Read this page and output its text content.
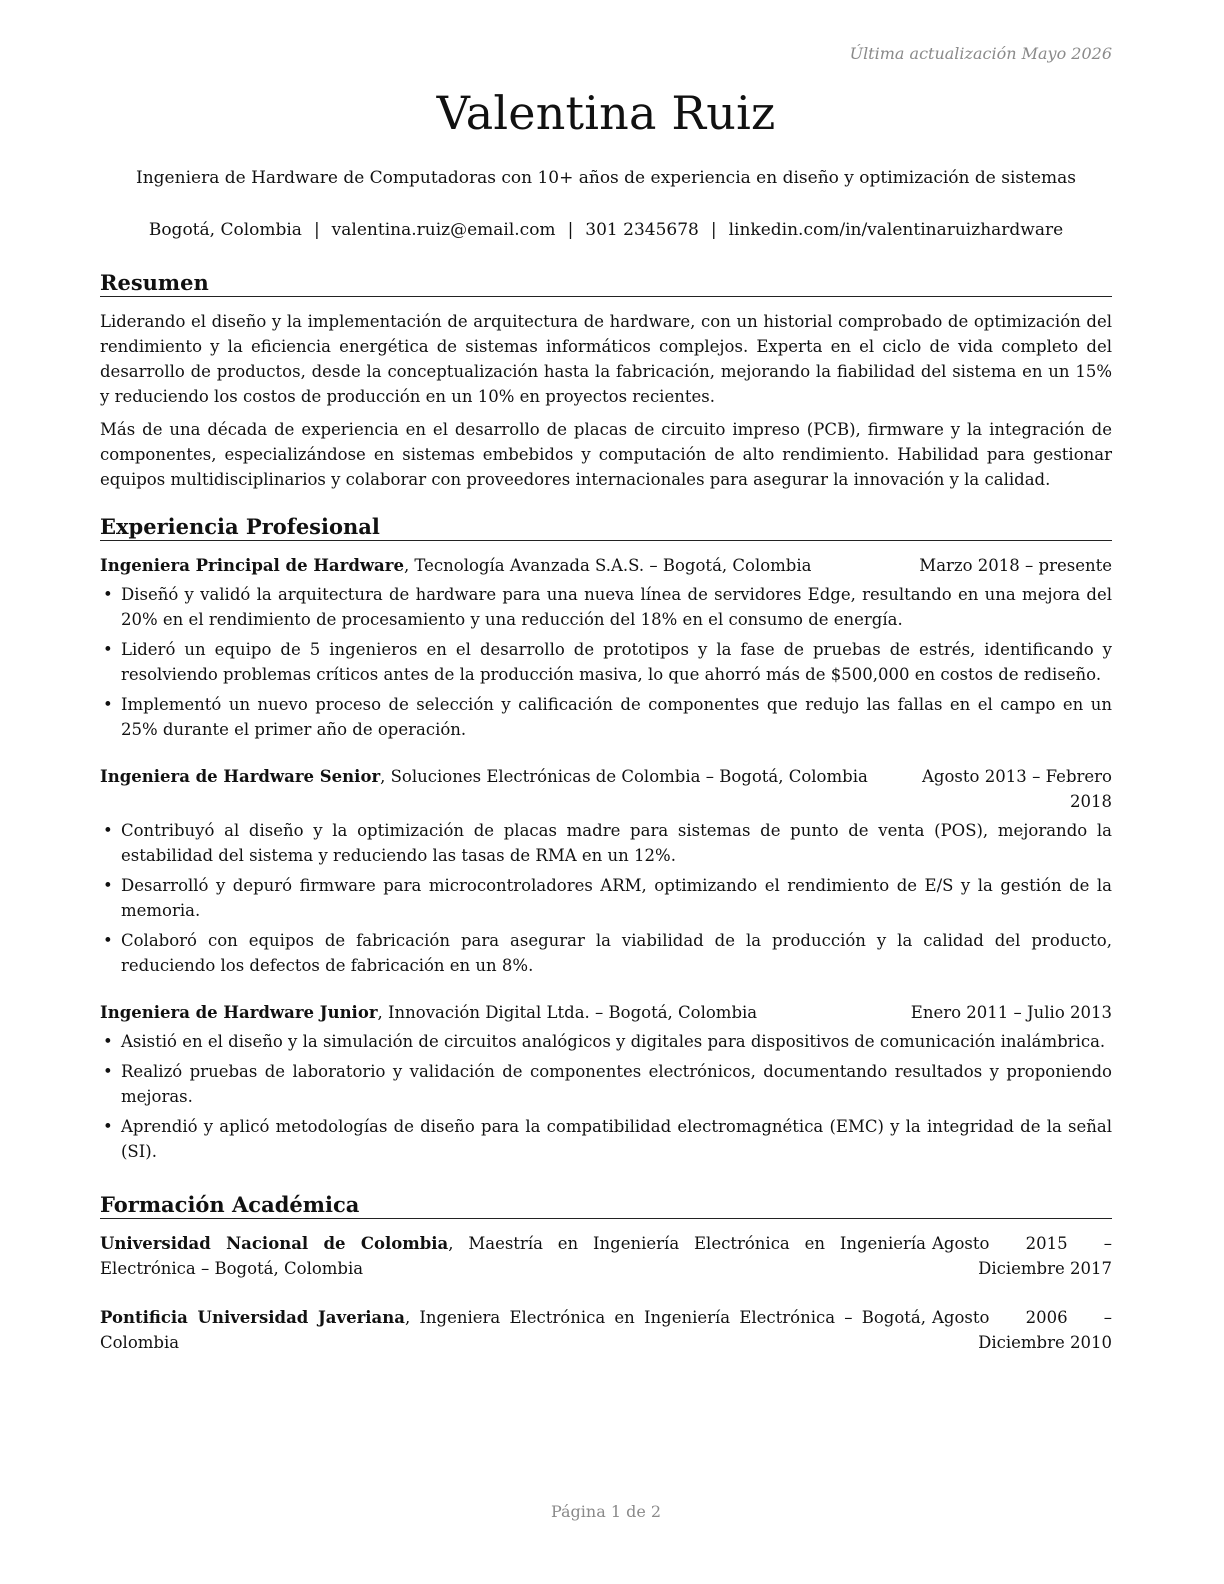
Última actualización Mayo 2026
Valentina Ruiz
Ingeniera de Hardware de Computadoras con 10+ años de experiencia en diseño y optimización de sistemas
Bogotá, Colombia | valentina.ruiz@email.com | 301 2345678 | linkedin.com/in/valentinaruizhardware
Resumen

Liderando el diseño y la implementación de arquitectura de hardware, con un historial comprobado de optimización del rendimiento y la eficiencia energética de sistemas informáticos complejos. Experta en el ciclo de vida completo del desarrollo de productos, desde la conceptualización hasta la fabricación, mejorando la fiabilidad del sistema en un 15% y reduciendo los costos de producción en un 10% en proyectos recientes.

Más de una década de experiencia en el desarrollo de placas de circuito impreso (PCB), firmware y la integración de componentes, especializándose en sistemas embebidos y computación de alto rendimiento. Habilidad para gestionar equipos multidisciplinarios y colaborar con proveedores internacionales para asegurar la innovación y la calidad.

Experiencia Profesional
Ingeniera Principal de Hardware, Tecnología Avanzada S.A.S. – Bogotá, Colombia	Marzo 2018 – presente
• Diseñó y validó la arquitectura de hardware para una nueva línea de servidores Edge, resultando en una mejora del 20% en el rendimiento de procesamiento y una reducción del 18% en el consumo de energía.
• Lideró un equipo de 5 ingenieros en el desarrollo de prototipos y la fase de pruebas de estrés, identificando y resolviendo problemas críticos antes de la producción masiva, lo que ahorró más de $500,000 en costos de rediseño.
• Implementó un nuevo proceso de selección y calificación de componentes que redujo las fallas en el campo en un 25% durante el primer año de operación.
Ingeniera de Hardware Senior, Soluciones Electrónicas de Colombia – Bogotá, Colombia	Agosto 2013 – Febrero 2018
• Contribuyó al diseño y la optimización de placas madre para sistemas de punto de venta (POS), mejorando la estabilidad del sistema y reduciendo las tasas de RMA en un 12%.
• Desarrolló y depuró firmware para microcontroladores ARM, optimizando el rendimiento de E/S y la gestión de la memoria.
• Colaboró con equipos de fabricación para asegurar la viabilidad de la producción y la calidad del producto, reduciendo los defectos de fabricación en un 8%.
Ingeniera de Hardware Junior, Innovación Digital Ltda. – Bogotá, Colombia	Enero 2011 – Julio 2013
• Asistió en el diseño y la simulación de circuitos analógicos y digitales para dispositivos de comunicación inalámbrica.
• Realizó pruebas de laboratorio y validación de componentes electrónicos, documentando resultados y proponiendo mejoras.
• Aprendió y aplicó metodologías de diseño para la compatibilidad electromagnética (EMC) y la integridad de la señal (SI).
Formación Académica
Universidad Nacional de Colombia, Maestría en Ingeniería Electrónica en Ingeniería Electrónica – Bogotá, Colombia
Agosto 2015 – Diciembre 2017
Pontificia Universidad Javeriana, Ingeniera Electrónica en Ingeniería Electrónica – Bogotá, Colombia
Agosto 2006 – Diciembre 2010
Página 1 de 2
